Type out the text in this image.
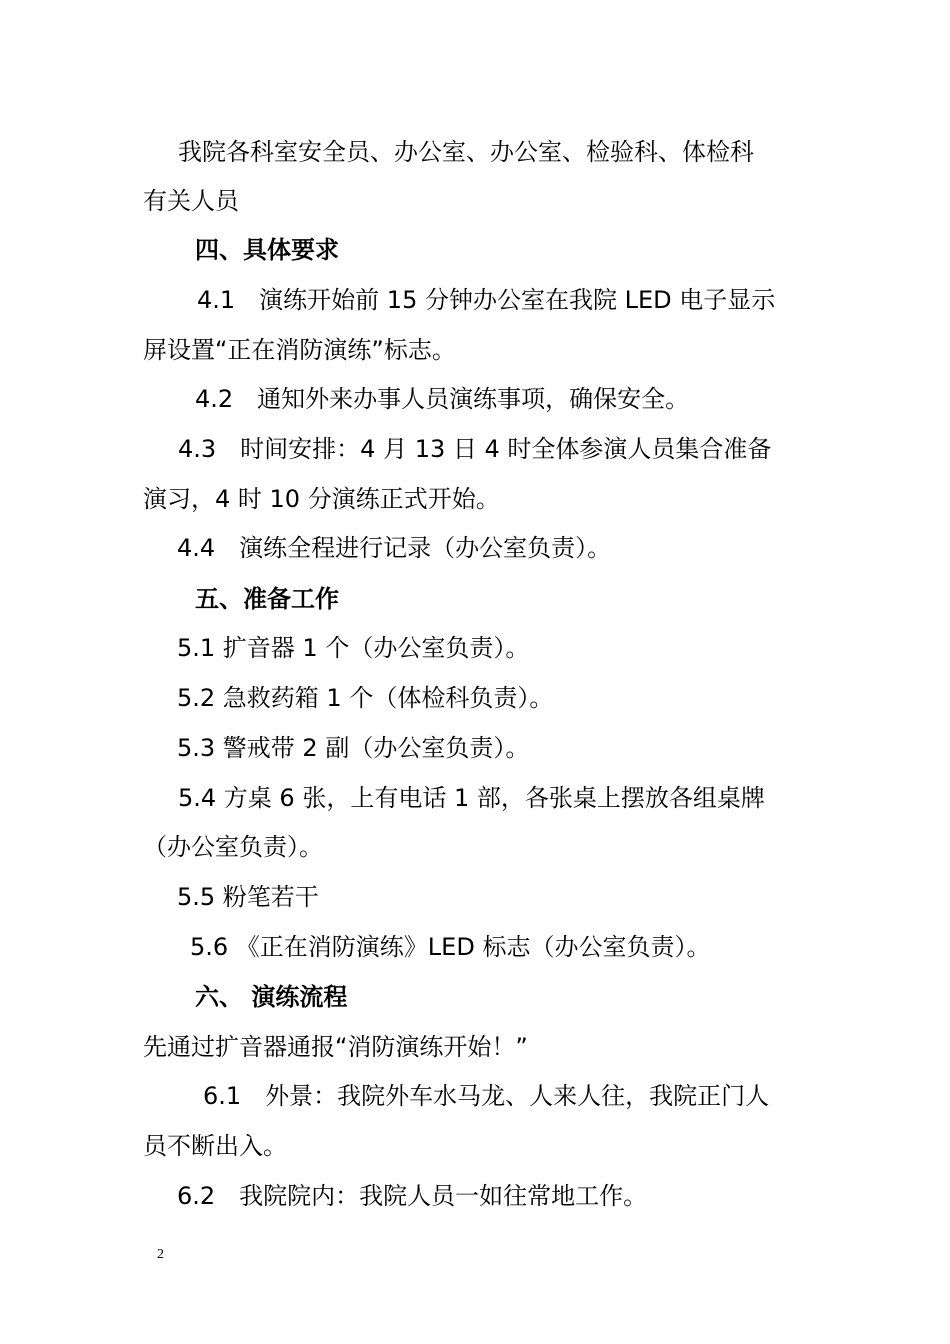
我院各科室安全员、办公室、办公室、检验科、体检科
有关人员
四、具体要求
4.1　演练开始前 15 分钟办公室在我院 LED 电子显示
屏设置“正在消防演练”标志。
4.2　通知外来办事人员演练事项，确保安全。
4.3　时间安排：4 月 13 日 4 时全体参演人员集合准备
演习，4 时 10 分演练正式开始。
4.4　演练全程进行记录（办公室负责）。
五、准备工作
5.1 扩音器 1 个（办公室负责）。
5.2 急救药箱 1 个（体检科负责）。
5.3 警戒带 2 副（办公室负责）。
5.4 方桌 6 张，上有电话 1 部，各张桌上摆放各组桌牌
（办公室负责）。
5.5 粉笔若干
5.6 《正在消防演练》LED 标志（办公室负责）。
六、 演练流程
先通过扩音器通报“消防演练开始！”
6.1　外景：我院外车水马龙、人来人往，我院正门人
员不断出入。
6.2　我院院内：我院人员一如往常地工作。
2
